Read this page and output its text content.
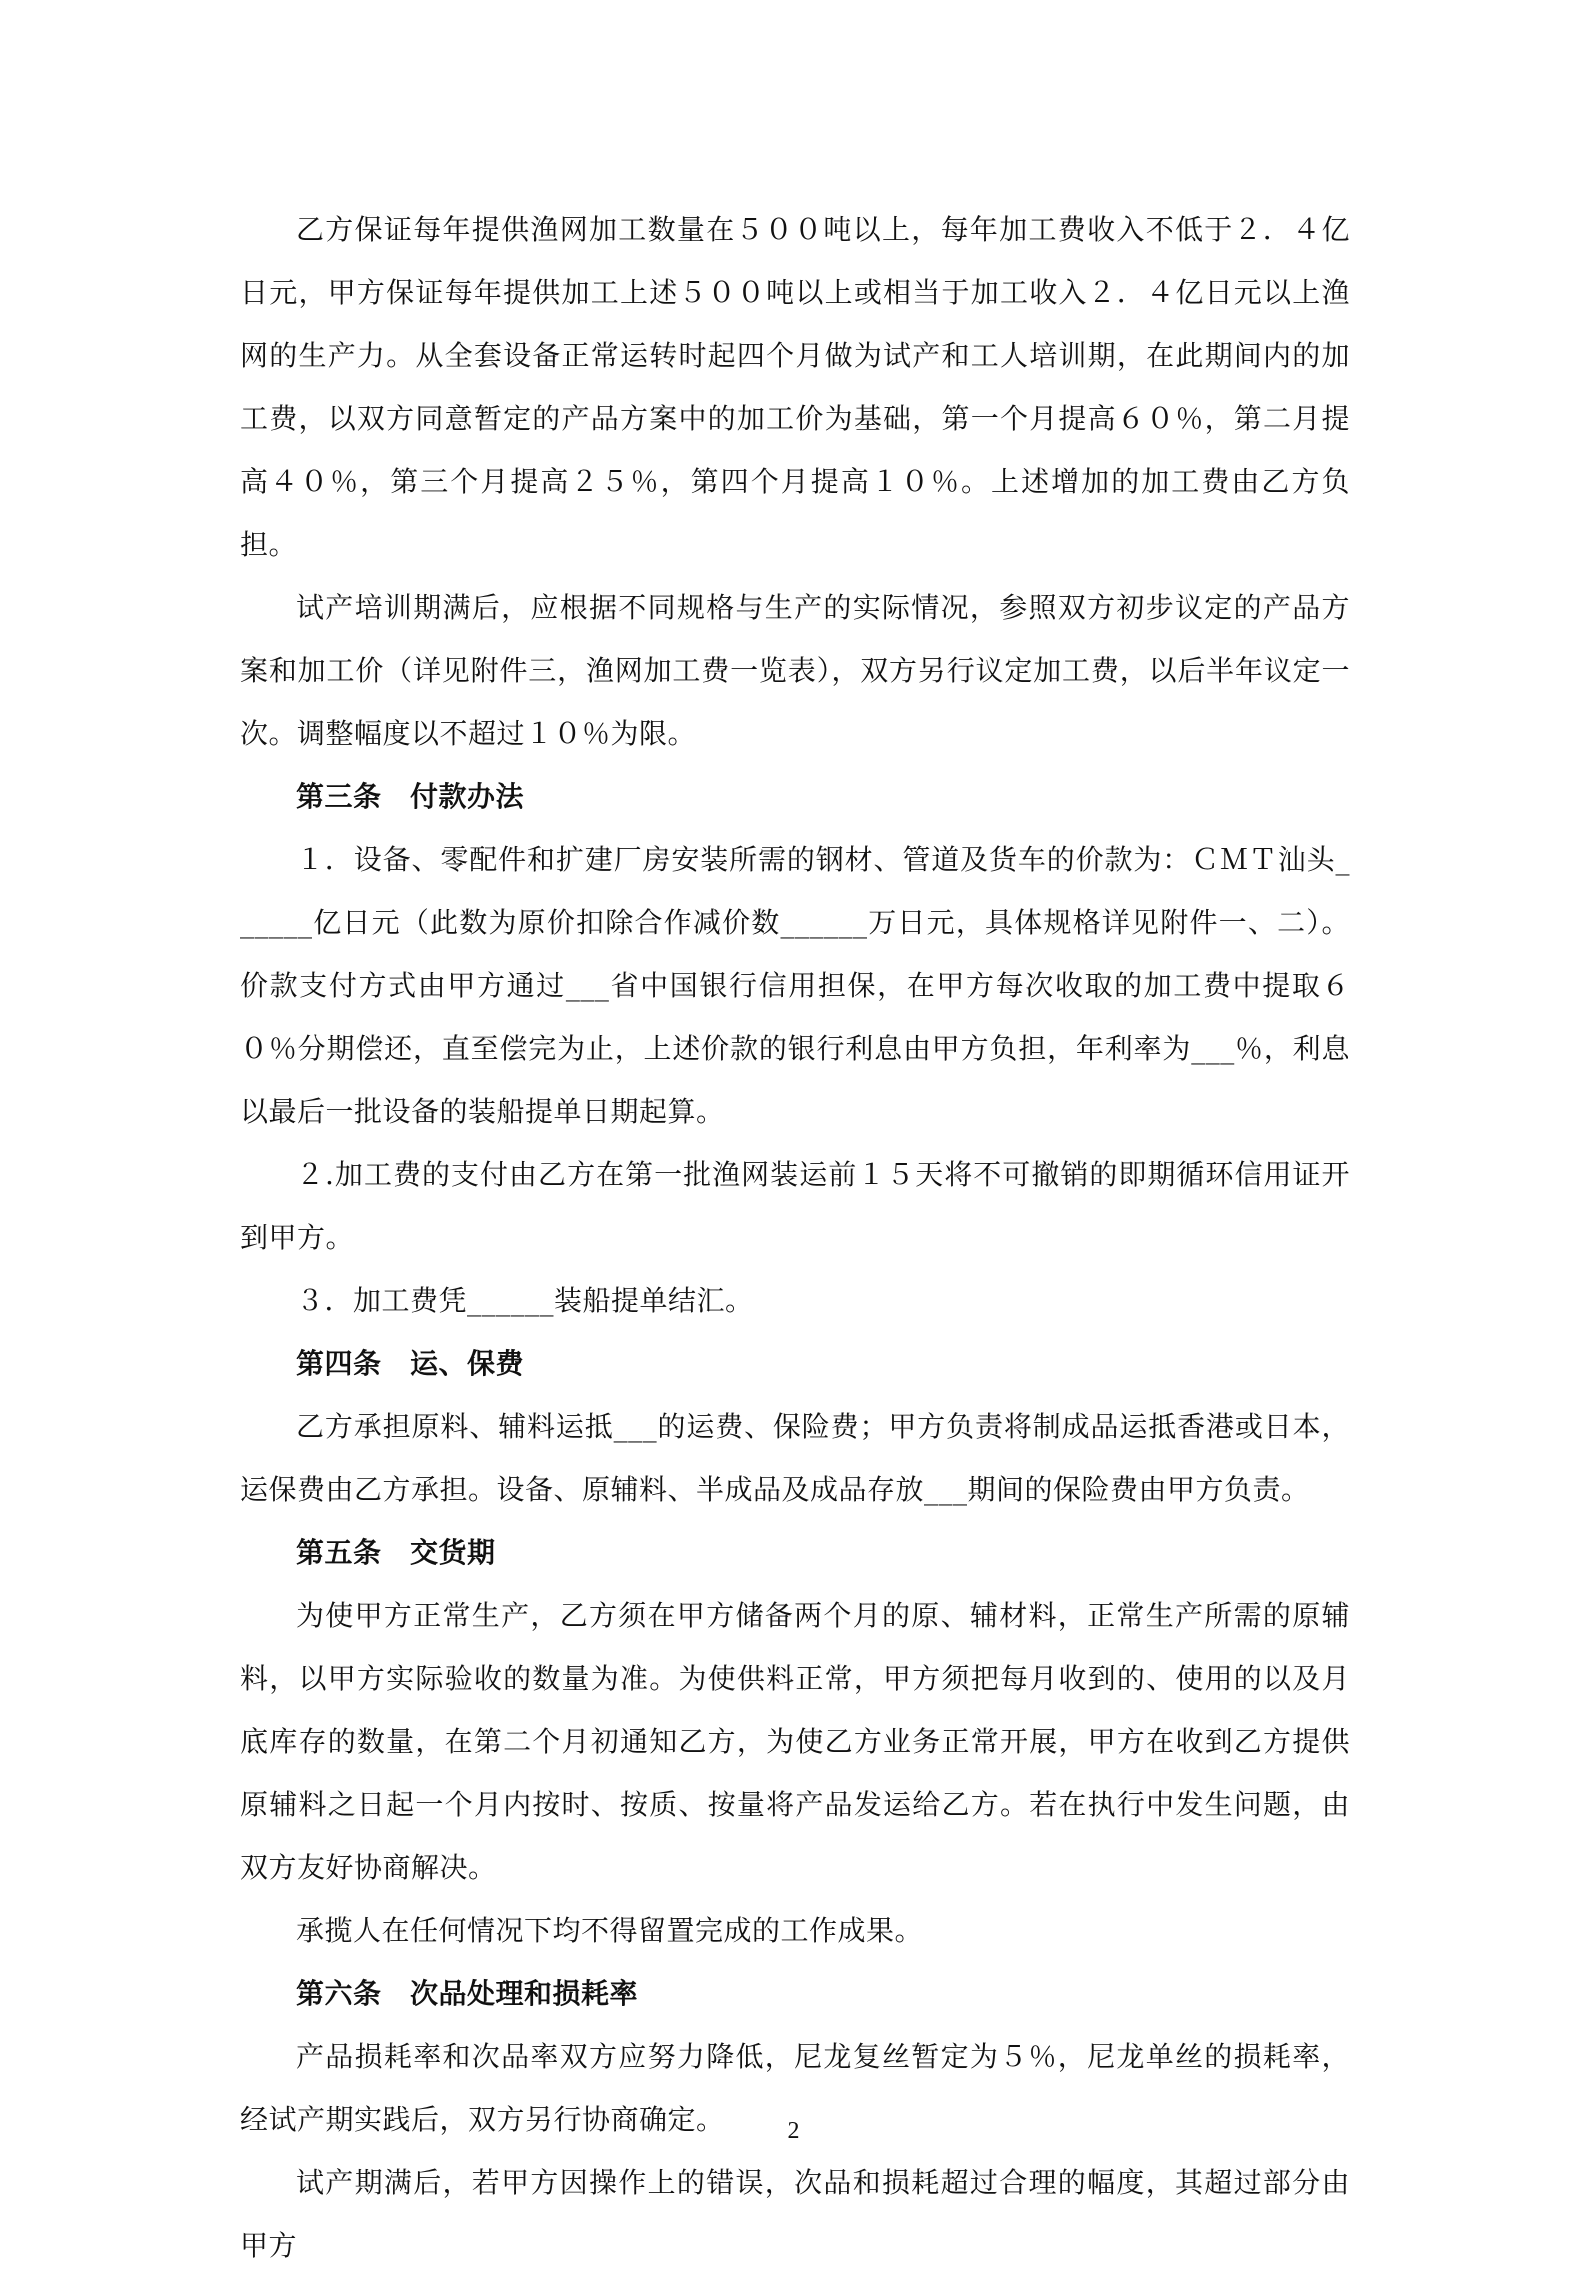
乙方保证每年提供渔网加工数量在５００吨以上，每年加工费收入不低于２．４亿日元，甲方保证每年提供加工上述５００吨以上或相当于加工收入２．４亿日元以上渔网的生产力。从全套设备正常运转时起四个月做为试产和工人培训期，在此期间内的加工费，以双方同意暂定的产品方案中的加工价为基础，第一个月提高６０％，第二月提高４０％，第三个月提高２５％，第四个月提高１０％。上述增加的加工费由乙方负担。

试产培训期满后，应根据不同规格与生产的实际情况，参照双方初步议定的产品方案和加工价（详见附件三，渔网加工费一览表），双方另行议定加工费，以后半年议定一次。调整幅度以不超过１０％为限。

第三条　付款办法

１．设备、零配件和扩建厂房安装所需的钢材、管道及货车的价款为：ＣＭＴ汕头______亿日元（此数为原价扣除合作减价数______万日元，具体规格详见附件一、二）。价款支付方式由甲方通过___省中国银行信用担保，在甲方每次收取的加工费中提取６０％分期偿还，直至偿完为止，上述价款的银行利息由甲方负担，年利率为___％，利息以最后一批设备的装船提单日期起算。

２.加工费的支付由乙方在第一批渔网装运前１５天将不可撤销的即期循环信用证开到甲方。

３．加工费凭______装船提单结汇。

第四条　运、保费

乙方承担原料、辅料运抵___的运费、保险费；甲方负责将制成品运抵香港或日本，运保费由乙方承担。设备、原辅料、半成品及成品存放___期间的保险费由甲方负责。

第五条　交货期

为使甲方正常生产，乙方须在甲方储备两个月的原、辅材料，正常生产所需的原辅料，以甲方实际验收的数量为准。为使供料正常，甲方须把每月收到的、使用的以及月底库存的数量，在第二个月初通知乙方，为使乙方业务正常开展，甲方在收到乙方提供原辅料之日起一个月内按时、按质、按量将产品发运给乙方。若在执行中发生问题，由双方友好协商解决。

承揽人在任何情况下均不得留置完成的工作成果。

第六条　次品处理和损耗率

产品损耗率和次品率双方应努力降低，尼龙复丝暂定为５％，尼龙单丝的损耗率，经试产期实践后，双方另行协商确定。

试产期满后，若甲方因操作上的错误，次品和损耗超过合理的幅度，其超过部分由甲方

2
